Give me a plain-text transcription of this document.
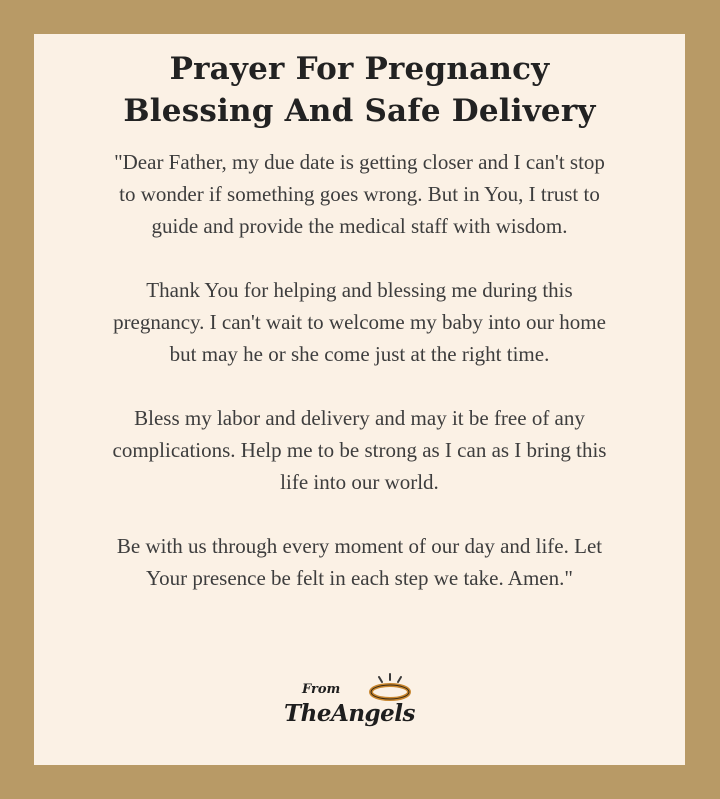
Prayer For Pregnancy
Blessing And Safe Delivery

"Dear Father, my due date is getting closer and I can't stop
to wonder if something goes wrong. But in You, I trust to
guide and provide the medical staff with wisdom.

Thank You for helping and blessing me during this
pregnancy. I can't wait to welcome my baby into our home
but may he or she come just at the right time.

Bless my labor and delivery and may it be free of any
complications. Help me to be strong as I can as I bring this
life into our world.

Be with us through every moment of our day and life. Let
Your presence be felt in each step we take. Amen."

From
TheAngels
